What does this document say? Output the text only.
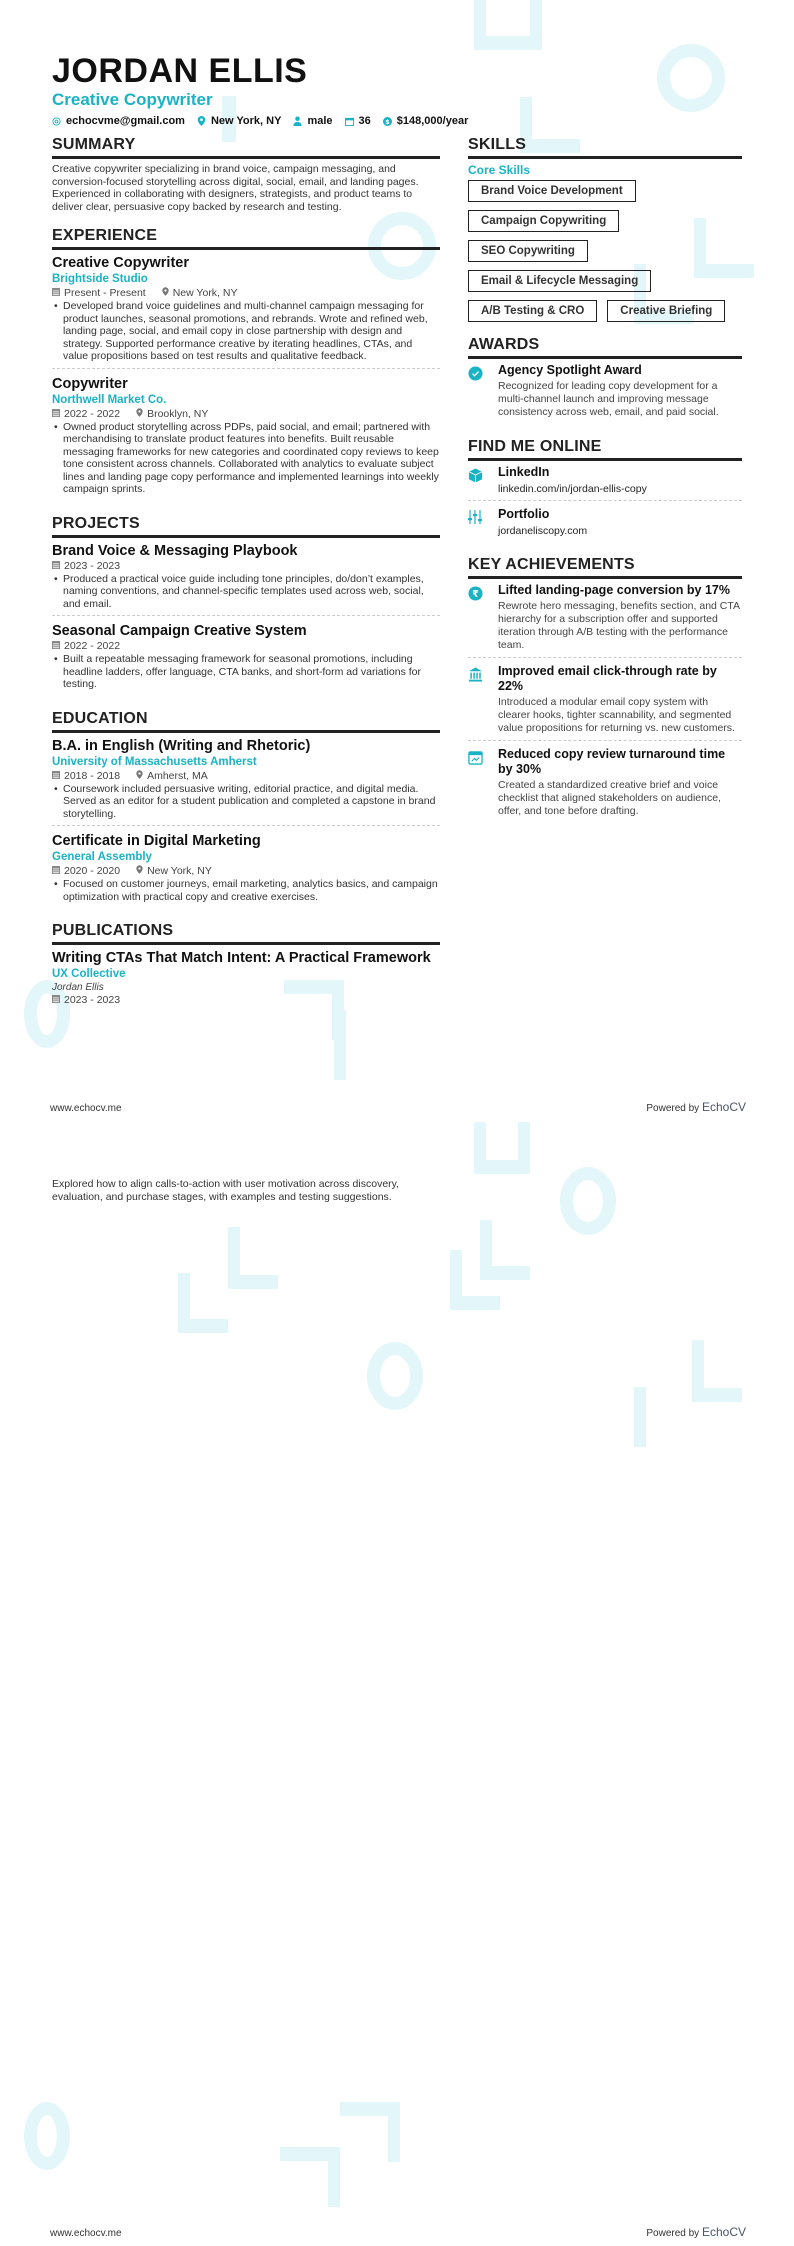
JORDAN ELLIS
Creative Copywriter
echocvme@gmail.com New York, NY male 36 $ $148,000/year
SUMMARY
Creative copywriter specializing in brand voice, campaign messaging, and conversion-focused storytelling across digital, social, email, and landing pages. Experienced in collaborating with designers, strategists, and product teams to deliver clear, persuasive copy backed by research and testing.
EXPERIENCE
Creative Copywriter
Brightside Studio
Present - Present	New York, NY
• Developed brand voice guidelines and multi-channel campaign messaging for product launches, seasonal promotions, and rebrands. Wrote and refined web, landing page, social, and email copy in close partnership with design and strategy. Supported performance creative by iterating headlines, CTAs, and value propositions based on test results and qualitative feedback.
Copywriter
Northwell Market Co.
2022 - 2022	Brooklyn, NY
• Owned product storytelling across PDPs, paid social, and email; partnered with merchandising to translate product features into benefits. Built reusable messaging frameworks for new categories and coordinated copy reviews to keep tone consistent across channels. Collaborated with analytics to evaluate subject lines and landing page copy performance and implemented learnings into weekly campaign sprints.
PROJECTS
Brand Voice & Messaging Playbook
2023 - 2023
• Produced a practical voice guide including tone principles, do/don’t examples, naming conventions, and channel-specific templates used across web, social, and email.
Seasonal Campaign Creative System
2022 - 2022
• Built a repeatable messaging framework for seasonal promotions, including headline ladders, offer language, CTA banks, and short-form ad variations for testing.
EDUCATION
B.A. in English (Writing and Rhetoric)
University of Massachusetts Amherst
2018 - 2018	Amherst, MA
• Coursework included persuasive writing, editorial practice, and digital media. Served as an editor for a student publication and completed a capstone in brand storytelling.
Certificate in Digital Marketing
General Assembly
2020 - 2020	New York, NY
• Focused on customer journeys, email marketing, analytics basics, and campaign optimization with practical copy and creative exercises.
PUBLICATIONS
Writing CTAs That Match Intent: A Practical Framework
UX Collective
Jordan Ellis
2023 - 2023
Explored how to align calls-to-action with user motivation across discovery, evaluation, and purchase stages, with examples and testing suggestions.
SKILLS
Core Skills
Brand Voice Development
Campaign Copywriting
SEO Copywriting
Email & Lifecycle Messaging
A/B Testing & CRO	Creative Briefing
AWARDS
Agency Spotlight Award
Recognized for leading copy development for a multi-channel launch and improving message consistency across web, email, and paid social.
FIND ME ONLINE
LinkedIn
linkedin.com/in/jordan-ellis-copy
Portfolio
jordaneliscopy.com
KEY ACHIEVEMENTS
₹ Lifted landing-page conversion by 17%
Rewrote hero messaging, benefits section, and CTA hierarchy for a subscription offer and supported iteration through A/B testing with the performance team.
Improved email click-through rate by 22%
Introduced a modular email copy system with clearer hooks, tighter scannability, and segmented value propositions for returning vs. new customers.
Reduced copy review turnaround time by 30%
Created a standardized creative brief and voice checklist that aligned stakeholders on audience, offer, and tone before drafting.
www.echocv.me	Powered by EchoCV
www.echocv.me	Powered by EchoCV
